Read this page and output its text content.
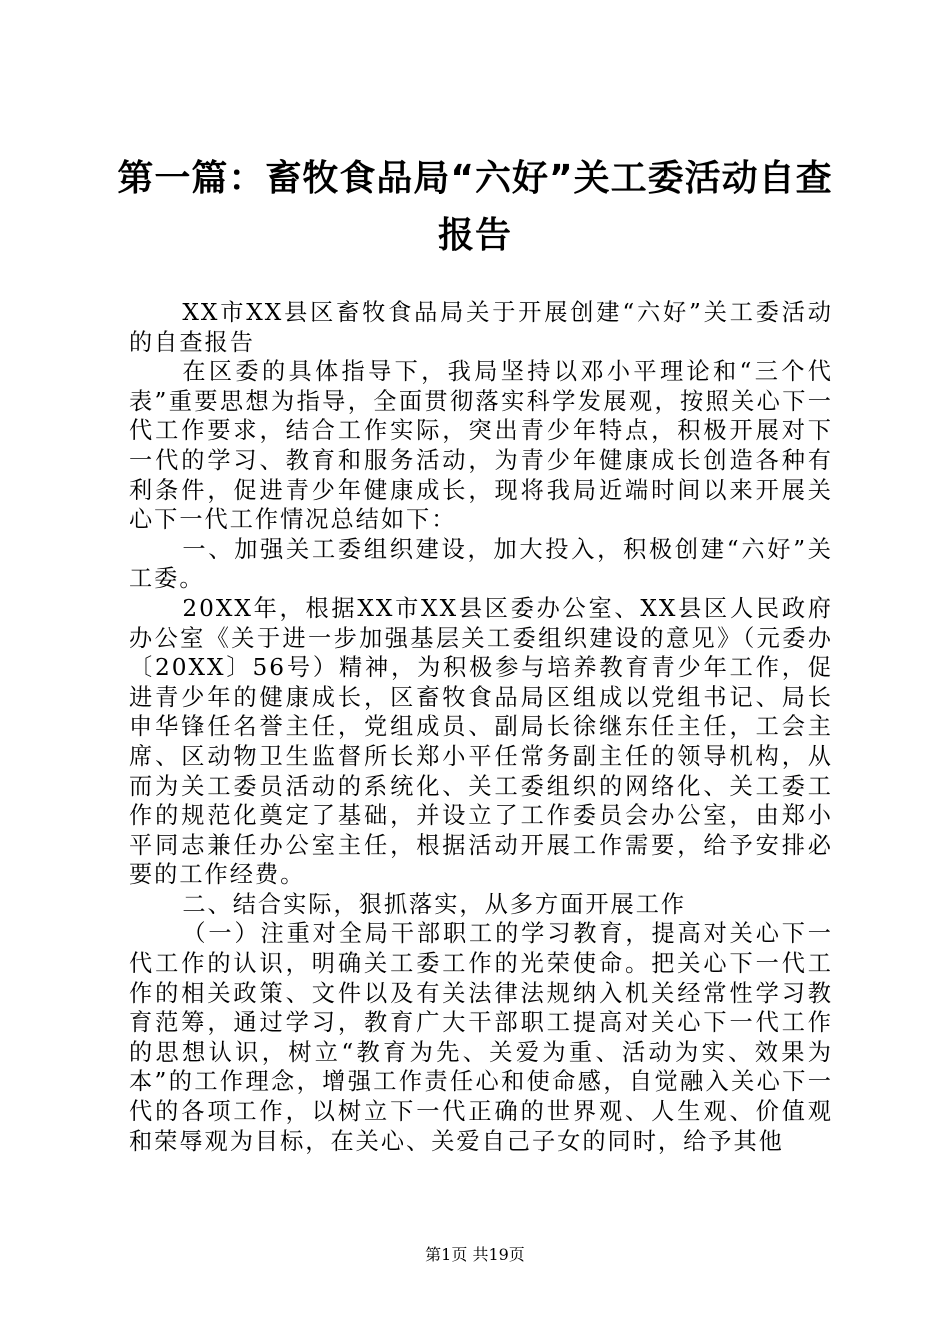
第一篇：畜牧食品局“六好”关工委活动自查报告

XX市XX县区畜牧食品局关于开展创建“六好”关工委活动的自查报告

在区委的具体指导下，我局坚持以邓小平理论和“三个代表”重要思想为指导，全面贯彻落实科学发展观，按照关心下一代工作要求，结合工作实际，突出青少年特点，积极开展对下一代的学习、教育和服务活动，为青少年健康成长创造各种有利条件，促进青少年健康成长，现将我局近端时间以来开展关心下一代工作情况总结如下：

一、加强关工委组织建设，加大投入，积极创建“六好”关工委。

20XX年，根据XX市XX县区委办公室、XX县区人民政府办公室《关于进一步加强基层关工委组织建设的意见》（元委办〔20XX〕56号）精神，为积极参与培养教育青少年工作，促进青少年的健康成长，区畜牧食品局区组成以党组书记、局长申华锋任名誉主任，党组成员、副局长徐继东任主任，工会主席、区动物卫生监督所长郑小平任常务副主任的领导机构，从而为关工委员活动的系统化、关工委组织的网络化、关工委工作的规范化奠定了基础，并设立了工作委员会办公室，由郑小平同志兼任办公室主任，根据活动开展工作需要，给予安排必要的工作经费。

二、结合实际，狠抓落实，从多方面开展工作

（一）注重对全局干部职工的学习教育，提高对关心下一代工作的认识，明确关工委工作的光荣使命。把关心下一代工作的相关政策、文件以及有关法律法规纳入机关经常性学习教育范筹，通过学习，教育广大干部职工提高对关心下一代工作的思想认识，树立“教育为先、关爱为重、活动为实、效果为本”的工作理念，增强工作责任心和使命感，自觉融入关心下一代的各项工作，以树立下一代正确的世界观、人生观、价值观和荣辱观为目标，在关心、关爱自己子女的同时，给予其他

第1页 共19页
